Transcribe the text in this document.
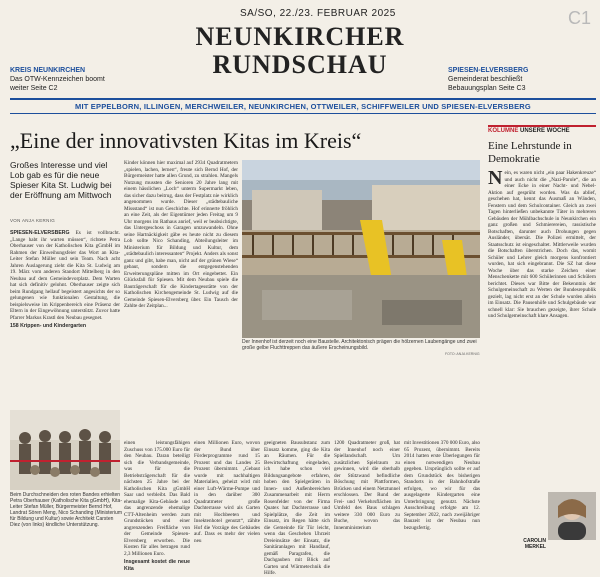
SA/SO, 22./23. FEBRUAR 2025	C1
NEUNKIRCHER
RUNDSCHAU
KREIS NEUNKIRCHEN
Das OTW-Kennzeichen boomt
weiter Seite C2
SPIESEN-ELVERSBERG
Gemeinderat beschließt
Bebauungsplan Seite C3
MIT EPPELBORN, ILLINGEN, MERCHWEILER, NEUNKIRCHEN, OTTWEILER, SCHIFFWEILER UND SPIESEN-ELVERSBERG
„Eine der innovativsten Kitas im Kreis“
Großes Interesse und viel Lob gab es für die neue Spieser Kita St. Ludwig bei der Eröffnung am Mittwoch
VON ANJA KERNIG
SPIESEN-ELVERSBERG Es ist vollbracht. „Lange habt ihr warten müssen“, richtete Petra Oberhauser von der Katholischen Kita gGmbH im Rahmen der Einweihungsfeier das Wort an Kita-Leiter Stefan Müller und sein Team. Nach acht Jahren Auslagerung zieht die Kita St. Ludwig am 19. März vom anderen Standort Mittelberg in den Neubau auf dem Gemeindevorplatz. Dem Warten hat sich definitiv gelohnt. Oberhauser zeigte sich beim Rundgang hellauf begeistert angesichts der so gelungenen wie funktionalen Gestaltung, die beispielsweise im Krippenbereich eine Präsenz der Eltern in der Eingewöhnung unterstützt. Zuvor hatte Pfarrer Markus Krastl den Neubau gesegnet.
158 Krippen- und Kindergarten
Kinder können hier maximal auf 2934 Quadratmetern „spielen, lachen, lernen“, freute sich Bernd Hof, der Bürgermeister hatte allen Grund, zu strahlen. Mangels Nutzung mussten die Senioren 20 Jahre lang mit einem hässlichen „Loch“ unterm Supermarkt leben, das sicher dazu beitrug, dass der Festplatz nie wirklich angenommen wurde. Dieser „städtebauliche Missstand“ ist nun Geschichte. Hof erinnerte fröhlich an eine Zeit, als der Eigentümer jeden Freitag um 9 Uhr morgens im Rathaus anrief, weil er beabsichtigte, das Untergeschoss in Garagen umzuwandeln. Ohne seine Hartnäckigkeit gäbe es heute nicht zu diesem Lob sollte Nico Schanding, Abteilungsleiter im Ministerium für Bildung und Kultur, dem „städtebaulich interessanten“ Projekt. Anders als sonst ganz und gibt, habe man, nicht auf der grünen Wiese“ gebaut, sondern die entgegenstehenden Erweiterungspläne mitten im Ort eingebettet. Ein Glücksfall für Spiesen. Mit dem Neubau spiele die Bauträgerschaft für die Kindertagesstätte von der Katholischen Kirchengemeinde St. Ludwig auf die Gemeinde Spiesen-Elversberg über. Ein Tausch der Zahlte der Zeitplan...
Der Innenhof ist derzeit noch eine Baustelle. Architektonisch prägen die hölzernen Laubengänge und zwei große gelbe Fluchttreppen das äußere Erscheinungsbild.
FOTO: ANJA KERNIG
Beim Durchschneiden des roten Bandes erhielten Petra Oberhauser (Katholische Kita gGmbH), Kita-Leiter Stefan Müller, Bürgermeister Bernd Hof, Landrat Sören Meng, Nico Schanding (Ministerium für Bildung und Kultur) sowie Architekt Carsten Diez (von links) kindliche Unterstützung.
einen leistungsfähigen Zuschuss von 175.000 Euro für den Neubau. Daran beteiligt sich die Verbandsgemeinde, was für die Betriebsträgerschaft für die nächsten 25 Jahre bei der Katholischen Kita gGmbH Saar und verbleibt. Das Bald ehemalige Kita-Gebäude und das angrenzende ehemalige CTT-Altenheim werden zum Grundstücken und einer angrenzenden Freifläche von der Gemeinde Spiesen-Elversberg erworben. Die Kosten für alles betragen rund 2,3 Millionen Euro.
Insgesamt kostet die neue Kita
einen Millionen Euro, wovon der Bund über Förderprogramme rund 15 Prozent und das Landes 25 Prozent übernimmt. „Gebaut wurde mit nachhaltigen Materialien, geheizt wird mit einer Luft-Wärme-Pumpe und in den darüber 300 Quadratmeter große Dachterrasse wird als Garten mit Hochbeeten und Insektenhotel genutzt“, zählte Hof die Vorzüge des Gebäudes auf. Dass es mehr der vielen neu
geeigneten Bausubstanz zum Einsatz komme, ging die Kita an Räumen. Für die Bewirtschaftung eingeladen, ich habe schon viel Bildungsangebote erfahren, hoben den Spielgeräten in Innen- und Außenbereichen Zusammenarbeit mit Herrn Rosenfelder von der Firma Quatex hat Dachterrasse und Spielplätze, die Zeit im Einsatz, im Regen hätte sich die Gemeinde für Tür leicht, wenn das Geschehen Uhrzeit Dreieinsätze der Einsatz, die Sanitäranlagen mit Handlauf, gemäß Paragrafen, die Dachgauben mit Blick auf Garten und Wärmetechnik die Hilfe.
1200 Quadratmeter groß, hat der Innenhof noch einer Spiellandschaft. Um zusätzlichen Spielraum zu gewinnen, wird die oberhalb der Stützwand befindliche Böschung mit Plattformen, Brücken und einem Netztunnel erschlossen. Der Rund der Frei- und Verkehrsflächen im Umfeld des Baus schlagen weitere 330 000 Euro zu Buche, wovon das Innenministerium
mit Investitionen 370 000 Euro, also 65 Prozent, übernimmt. Bereits 2014 hatten erste Überlegungen für einen notwendigen Neubau gegeben. Ursprünglich sollte er auf dem Grundstück des bisherigen Standorts in der Bahnhofstraße erfolgen, wo wir für das ausgelagerte Kindergarten eine Unterbringung genutzt. Nächste Ausschreibung erfolgte am 12. September 2022, nach zweijähriger Bauzeit ist der Neubau nun bezugsfertig.
KOLUMNE UNSERE WOCHE
Eine Lehrstunde in Demokratie
N ein, es waren nicht „ein paar Hakenkreuze“ und auch nicht die „Nazi-Parole“, die an einer Ecke in einer Nacht- und Nebel-Aktion auf gesprüht worden. Was da ablief, geschehen hat, kennt das Ausmaß an Wänden, Fenstern und dem Schulcontainer. Gleich an zwei Tagen hinterließen unbekannte Täter in mehreren Gebäuden der Mühlbachschule in Neunkirchen ein ganz großen und Schmierereien, rassistische Botschaften, darunter auch Drohungen gegen Ausländer, übersät. Die Polizei ermittelt, der Staatsschutz ist eingeschaltet. Mittlerweile wurden die Botschaften überstrichen. Doch das, womit Schüler und Lehrer gleich morgens konfrontiert wurden, hat sich eingebrannt. Die SZ hat diese Woche über das starke Zeichen einer Menschenkette mit 600 Schülerinnen und Schülern berichtet. Dieses war Bitte der Bekenntnis der Schulgemeinschaft zu Werten der Bundesrepublik gezielt, lag nicht erst an der Schule wurden allein im Einsatz. Die Pausenhöfe und Schulgebäude war schnell klar: Sie brauchen gezeigte, ihrer Schule und Schulgemeinschaft klare Ansagen.
CAROLIN
MERKEL
